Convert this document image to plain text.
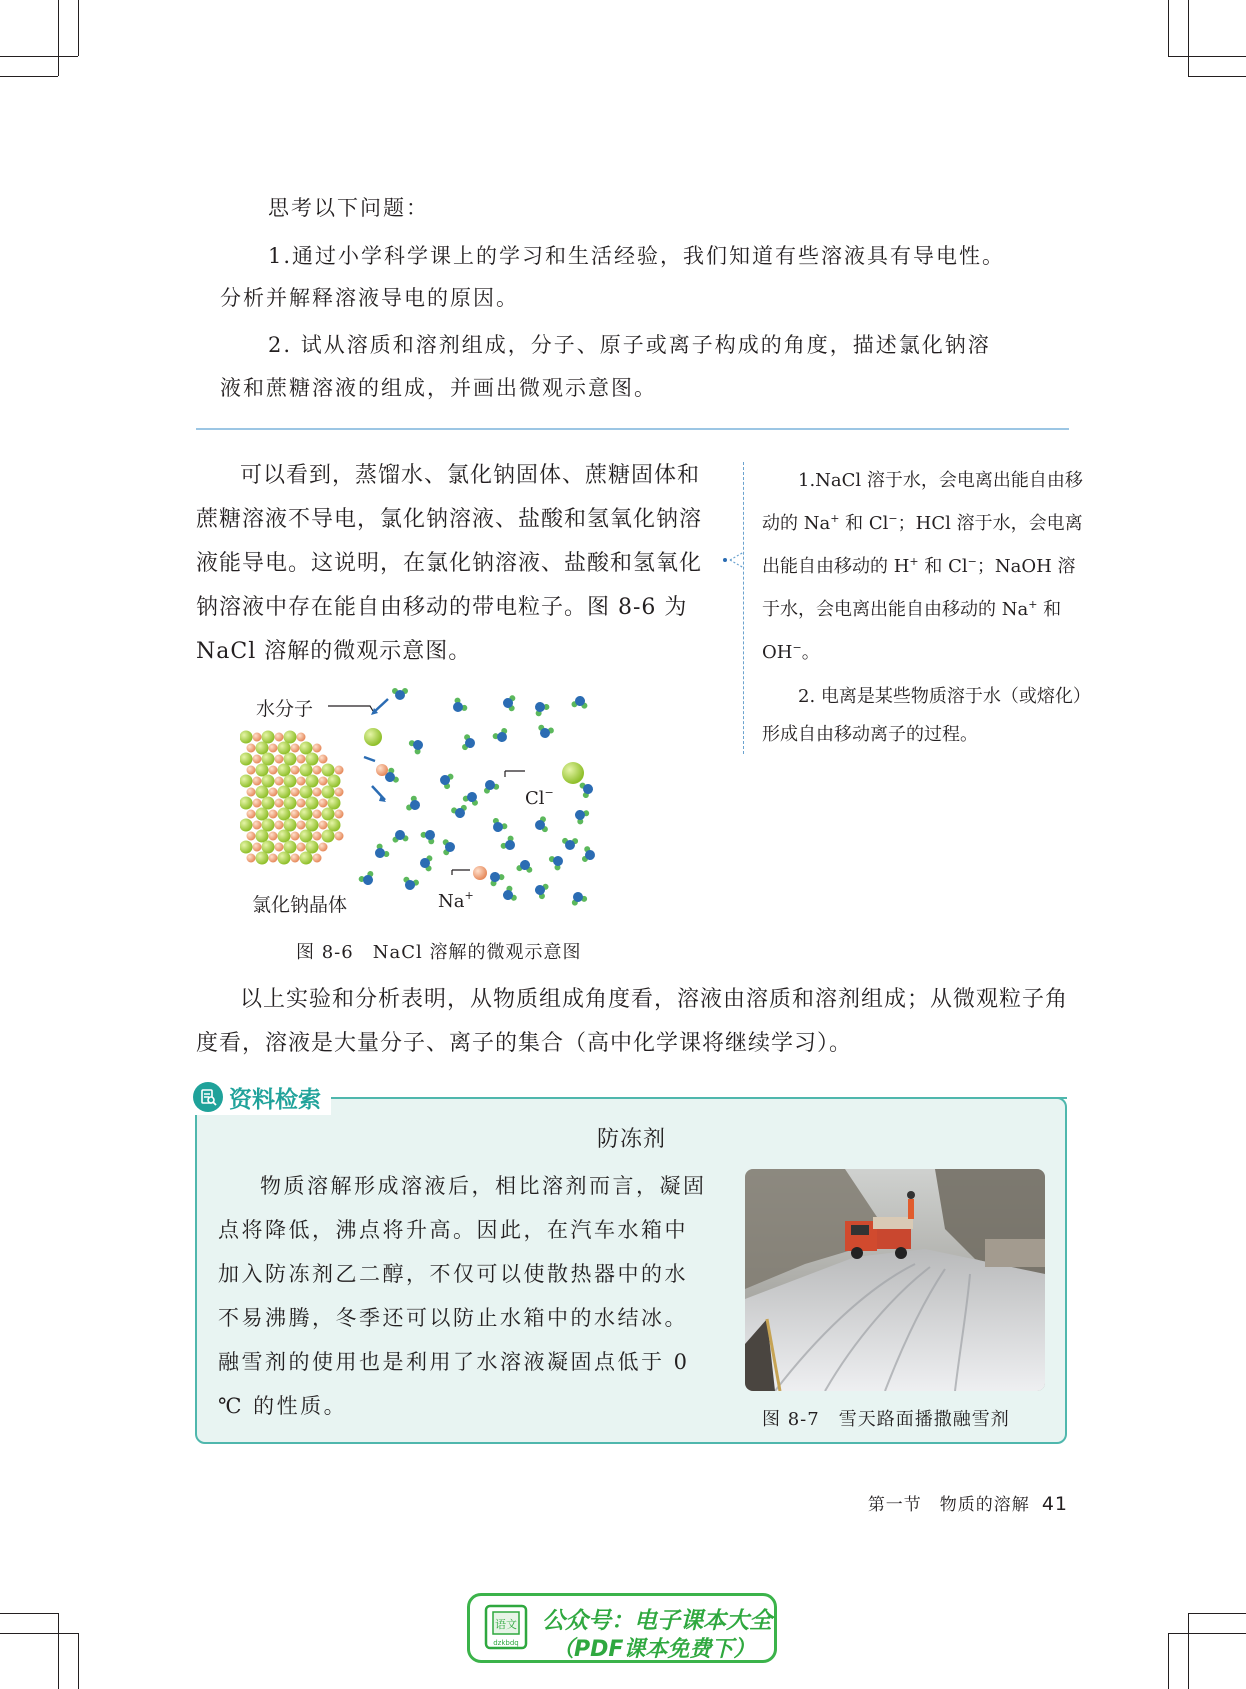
思考以下问题：

1.通过小学科学课上的学习和生活经验，我们知道有些溶液具有导电性。

分析并解释溶液导电的原因。

2. 试从溶质和溶剂组成，分子、原子或离子构成的角度，描述氯化钠溶

液和蔗糖溶液的组成，并画出微观示意图。

可以看到，蒸馏水、氯化钠固体、蔗糖固体和蔗糖溶液不导电，氯化钠溶液、盐酸和氢氧化钠溶液能导电。这说明，在氯化钠溶液、盐酸和氢氧化钠溶液中存在能自由移动的带电粒子。图 8-6 为 NaCl 溶解的微观示意图。

1.NaCl 溶于水，会电离出能自由移动的 Na+ 和 Cl−；HCl 溶于水，会电离出能自由移动的 H+ 和 Cl−；NaOH 溶于水，会电离出能自由移动的 Na+ 和 OH−。

2. 电离是某些物质溶于水（或熔化）形成自由移动离子的过程。

水分子
Cl−
Na+
氯化钠晶体
图 8-6　NaCl 溶解的微观示意图

以上实验和分析表明，从物质组成角度看，溶液由溶质和溶剂组成；从微观粒子角度看，溶液是大量分子、离子的集合（高中化学课将继续学习）。

资料检索
防冻剂

物质溶解形成溶液后，相比溶剂而言，凝固点将降低，沸点将升高。因此，在汽车水箱中加入防冻剂乙二醇，不仅可以使散热器中的水不易沸腾，冬季还可以防止水箱中的水结冰。融雪剂的使用也是利用了水溶液凝固点低于 0 ℃ 的性质。

图 8-7　雪天路面播撒融雪剂
第一节　物质的溶解 41
语文
dzkbdq
公众号：电子课本大全
（PDF课本免费下）
